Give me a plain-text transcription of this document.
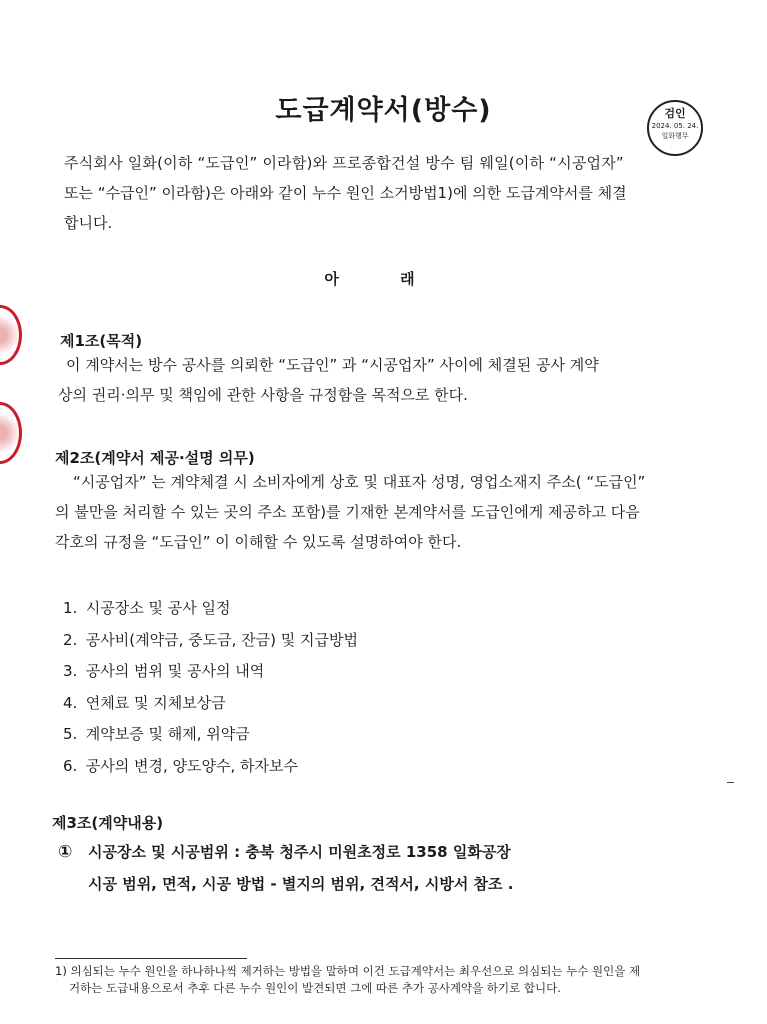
도급계약서(방수)	검인
2024. 05. 24.
일화행무
주식회사 일화(이하 “도급인” 이라함)와 프로종합건설 방수 팀 웨일(이하 “시공업자”
또는 “수급인” 이라함)은 아래와 같이 누수 원인 소거방법1)에 의한 도급계약서를 체결
합니다.
아 래
제1조(목적)
이 계약서는 방수 공사를 의뢰한 “도급인” 과 “시공업자” 사이에 체결된 공사 계약
상의 권리·의무 및 책임에 관한 사항을 규정함을 목적으로 한다.
제2조(계약서 제공·설명 의무)
“시공업자” 는 계약체결 시 소비자에게 상호 및 대표자 성명, 영업소재지 주소( “도급인”
의 불만을 처리할 수 있는 곳의 주소 포함)를 기재한 본계약서를 도급인에게 제공하고 다음
각호의 규정을 “도급인” 이 이해할 수 있도록 설명하여야 한다.
1. 시공장소 및 공사 일정
2. 공사비(계약금, 중도금, 잔금) 및 지급방법
3. 공사의 범위 및 공사의 내역
4. 연체료 및 지체보상금
5. 계약보증 및 해제, 위약금
6. 공사의 변경, 양도양수, 하자보수
제3조(계약내용)
① 시공장소 및 시공범위 : 충북 청주시 미원초정로 1358 일화공장
시공 범위, 면적, 시공 방법 - 별지의 범위, 견적서, 시방서 참조 .
1) 의심되는 누수 원인을 하나하나씩 제거하는 방법을 말하며 이건 도급계약서는 최우선으로 의심되는 누수 원인을 제
거하는 도급내용으로서 추후 다른 누수 원인이 발견되면 그에 따른 추가 공사계약을 하기로 합니다.
